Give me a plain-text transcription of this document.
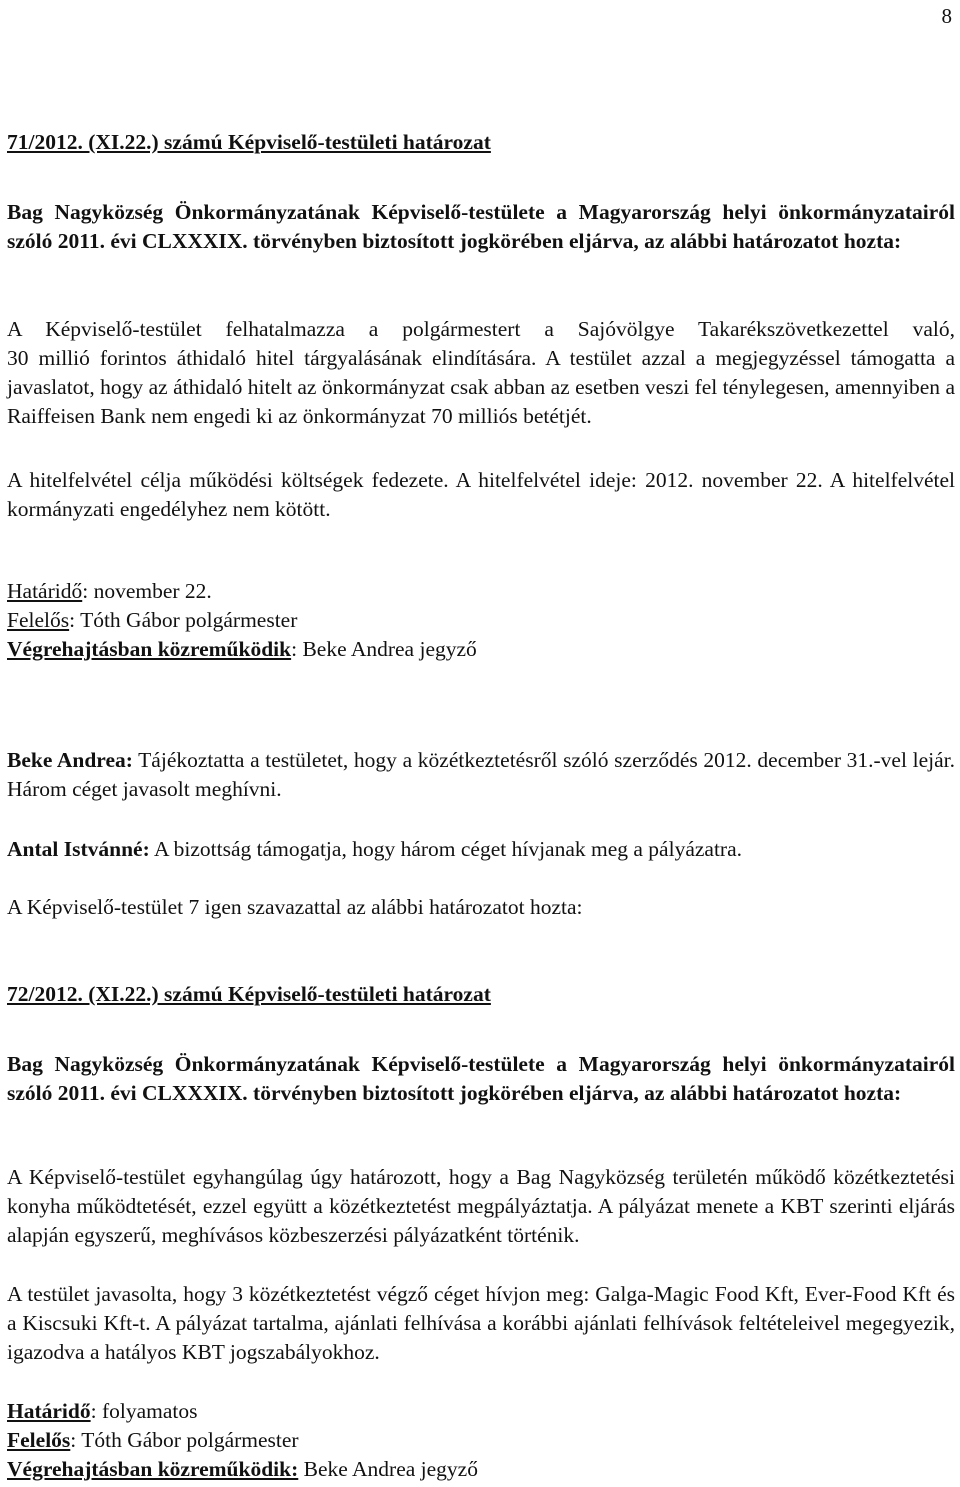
8

71/2012. (XI.22.) számú Képviselő-testületi határozat

Bag Nagyközség Önkormányzatának Képviselő-testülete a Magyarország helyi önkormányzatairól szóló 2011. évi CLXXXIX. törvényben biztosított jogkörében eljárva, az alábbi határozatot hozta:

A Képviselő-testület felhatalmazza a polgármestert a Sajóvölgye Takarékszövetkezettel való,

30 millió forintos áthidaló hitel tárgyalásának elindítására. A testület azzal a megjegyzéssel támogatta a javaslatot, hogy az áthidaló hitelt az önkormányzat csak abban az esetben veszi fel ténylegesen, amennyiben a Raiffeisen Bank nem engedi ki az önkormányzat 70 milliós betétjét.

A hitelfelvétel célja működési költségek fedezete. A hitelfelvétel ideje: 2012. november 22. A hitelfelvétel kormányzati engedélyhez nem kötött.

Határidő: november 22.

Felelős: Tóth Gábor polgármester

Végrehajtásban közreműködik: Beke Andrea jegyző

Beke Andrea: Tájékoztatta a testületet, hogy a közétkeztetésről szóló szerződés 2012. december 31.-vel lejár. Három céget javasolt meghívni.

Antal Istvánné: A bizottság támogatja, hogy három céget hívjanak meg a pályázatra.

A Képviselő-testület 7 igen szavazattal az alábbi határozatot hozta:

72/2012. (XI.22.) számú Képviselő-testületi határozat

Bag Nagyközség Önkormányzatának Képviselő-testülete a Magyarország helyi önkormányzatairól szóló 2011. évi CLXXXIX. törvényben biztosított jogkörében eljárva, az alábbi határozatot hozta:

A Képviselő-testület egyhangúlag úgy határozott, hogy a Bag Nagyközség területén működő közétkeztetési konyha működtetését, ezzel együtt a közétkeztetést megpályáztatja. A pályázat menete a KBT szerinti eljárás alapján egyszerű, meghívásos közbeszerzési pályázatként történik.

A testület javasolta, hogy 3 közétkeztetést végző céget hívjon meg: Galga-Magic Food Kft, Ever-Food Kft és a Kiscsuki Kft-t. A pályázat tartalma, ajánlati felhívása a korábbi ajánlati felhívások feltételeivel megegyezik, igazodva a hatályos KBT jogszabályokhoz.

Határidő: folyamatos

Felelős: Tóth Gábor polgármester

Végrehajtásban közreműködik: Beke Andrea jegyző
